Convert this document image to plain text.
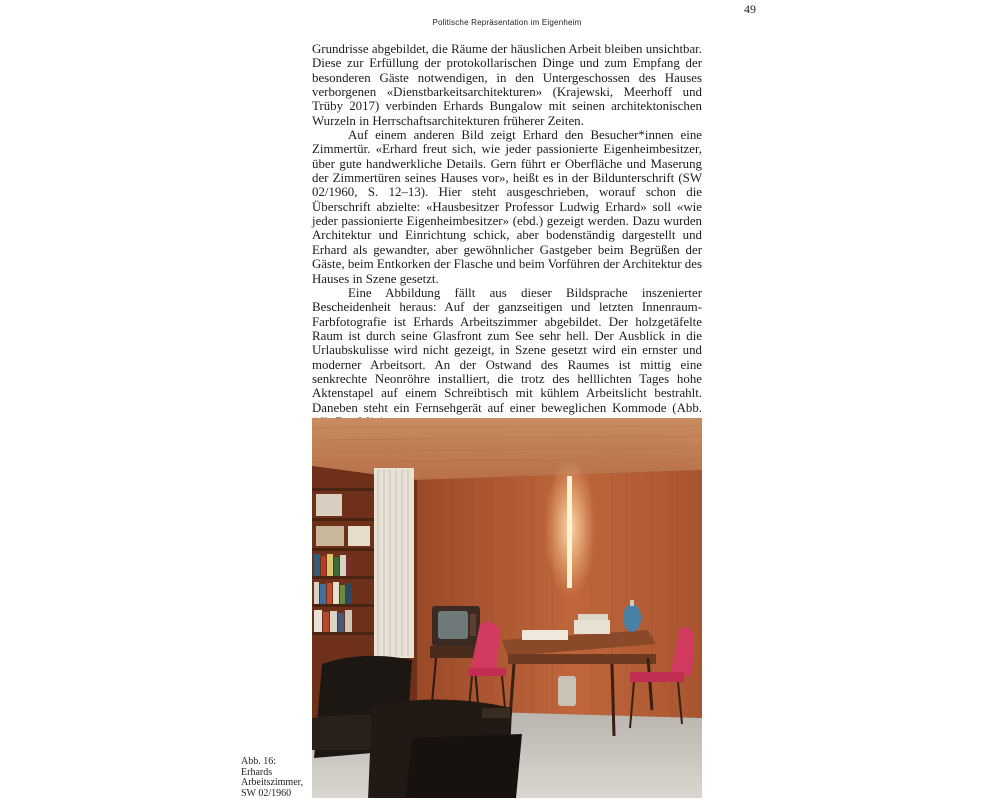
Politische Repräsentation im Eigenheim
49

Grundrisse abgebildet, die Räume der häuslichen Arbeit bleiben unsichtbar. Diese zur Erfüllung der protokollarischen Dinge und zum Empfang der besonderen Gäste notwendigen, in den Untergeschossen des Hauses verborgenen «Dienstbarkeitsarchitekturen» (Krajewski, Meerhoff und Trüby 2017) verbinden Erhards Bungalow mit seinen architektonischen Wurzeln in Herrschaftsarchitekturen früherer Zeiten.

Auf einem anderen Bild zeigt Erhard den Besucher*innen eine Zimmertür. «Erhard freut sich, wie jeder passionierte Eigenheimbesitzer, über gute handwerkliche Details. Gern führt er Oberfläche und Maserung der Zimmertüren seines Hauses vor», heißt es in der Bildunterschrift (SW 02/1960, S. 12–13). Hier steht ausgeschrieben, worauf schon die Überschrift abzielte: «Hausbesitzer Professor Ludwig Erhard» soll «wie jeder passionierte Eigenheimbesitzer» (ebd.) gezeigt werden. Dazu wurden Architektur und Einrichtung schick, aber bodenständig dargestellt und Erhard als gewandter, aber gewöhnlicher Gastgeber beim Begrüßen der Gäste, beim Entkorken der Flasche und beim Vorführen der Architektur des Hauses in Szene gesetzt.

Eine Abbildung fällt aus dieser Bildsprache inszenierter Bescheidenheit heraus: Auf der ganzseitigen und letzten Innenraum-Farbfotografie ist Erhards Arbeitszimmer abgebildet. Der holzgetäfelte Raum ist durch seine Glasfront zum See sehr hell. Der Ausblick in die Urlaubskulisse wird nicht gezeigt, in Szene gesetzt wird ein ernster und moderner Arbeitsort. An der Ostwand des Raumes ist mittig eine senkrechte Neonröhre installiert, die trotz des helllichten Tages hohe Aktenstapel auf einem Schreibtisch mit kühlem Arbeitslicht bestrahlt. Daneben steht ein Fernsehgerät auf einer beweglichen Kommode (Abb.

Abb. 16:
Erhards
Arbeitszimmer,
SW 02/1960
